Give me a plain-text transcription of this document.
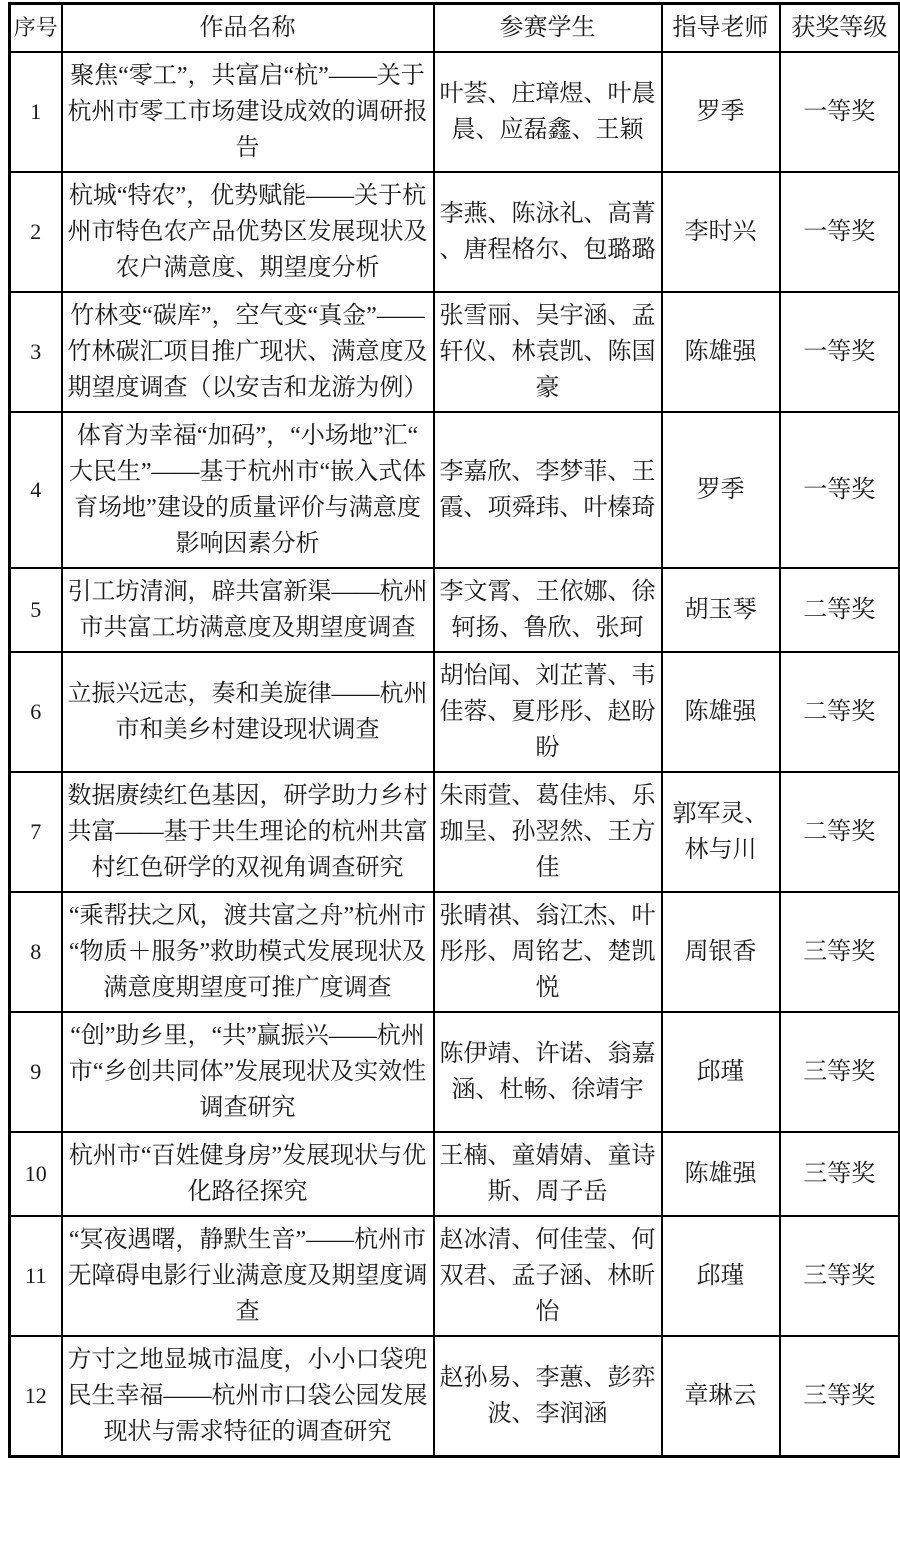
序号	作品名称	参赛学生	指导老师	获奖等级
1	聚焦“零工”，共富启“杭”——关于杭州市零工市场建设成效的调研报告	叶荟、庄璋煜、叶晨晨、应磊鑫、王颖	罗季	一等奖
2	杭城“特农”，优势赋能——关于杭州市特色农产品优势区发展现状及农户满意度、期望度分析	李燕、陈泳礼、高菁、唐程格尔、包璐璐	李时兴	一等奖
3	竹林变“碳库”，空气变“真金”——竹林碳汇项目推广现状、满意度及期望度调查（以安吉和龙游为例）	张雪丽、吴宇涵、孟轩仪、林袁凯、陈国豪	陈雄强	一等奖
4	体育为幸福“加码”，“小场地”汇“大民生”——基于杭州市“嵌入式体育场地”建设的质量评价与满意度影响因素分析	李嘉欣、李梦菲、王霞、项舜玮、叶榛琦	罗季	一等奖
5	引工坊清涧，辟共富新渠——杭州市共富工坊满意度及期望度调查	李文霄、王依娜、徐轲扬、鲁欣、张珂	胡玉琴	二等奖
6	立振兴远志，奏和美旋律——杭州市和美乡村建设现状调查	胡怡闻、刘芷菁、韦佳蓉、夏彤彤、赵盼盼	陈雄强	二等奖
7	数据赓续红色基因，研学助力乡村共富——基于共生理论的杭州共富村红色研学的双视角调查研究	朱雨萱、葛佳炜、乐珈呈、孙翌然、王方佳	郭军灵、林与川	二等奖
8	“乘帮扶之风，渡共富之舟”杭州市“物质＋服务”救助模式发展现状及满意度期望度可推广度调查	张晴祺、翁江杰、叶彤彤、周铭艺、楚凯悦	周银香	三等奖
9	“创”助乡里，“共”赢振兴——杭州市“乡创共同体”发展现状及实效性调查研究	陈伊靖、许诺、翁嘉涵、杜畅、徐靖宇	邱瑾	三等奖
10	杭州市“百姓健身房”发展现状与优化路径探究	王楠、童婧婧、童诗斯、周子岳	陈雄强	三等奖
11	“冥夜遇曙，静默生音”——杭州市无障碍电影行业满意度及期望度调查	赵冰清、何佳莹、何双君、孟子涵、林昕怡	邱瑾	三等奖
12	方寸之地显城市温度，小小口袋兜民生幸福——杭州市口袋公园发展现状与需求特征的调查研究	赵孙易、李蕙、彭弈波、李润涵	章琳云	三等奖
